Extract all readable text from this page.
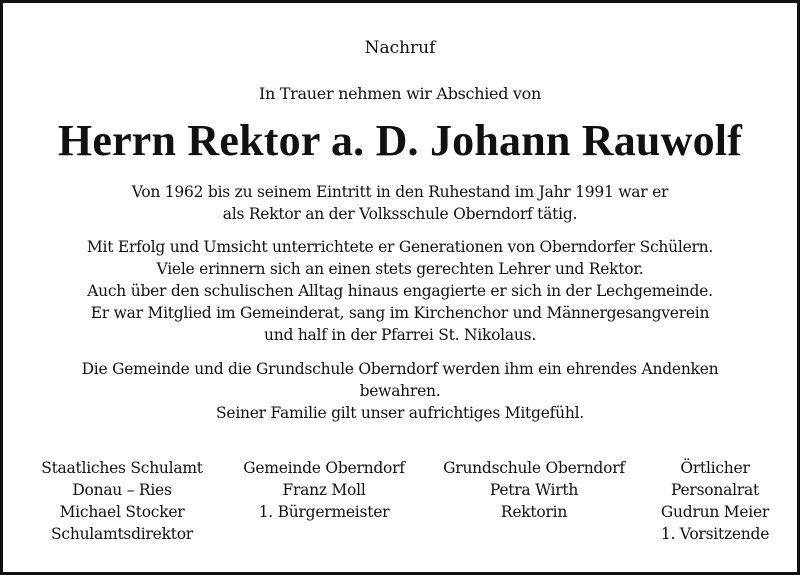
Nachruf
In Trauer nehmen wir Abschied von
Herrn Rektor a. D. Johann Rauwolf
Von 1962 bis zu seinem Eintritt in den Ruhestand im Jahr 1991 war er
als Rektor an der Volksschule Oberndorf tätig.
Mit Erfolg und Umsicht unterrichtete er Generationen von Oberndorfer Schülern.
Viele erinnern sich an einen stets gerechten Lehrer und Rektor.
Auch über den schulischen Alltag hinaus engagierte er sich in der Lechgemeinde.
Er war Mitglied im Gemeinderat, sang im Kirchenchor und Männergesangverein
und half in der Pfarrei St. Nikolaus.
Die Gemeinde und die Grundschule Oberndorf werden ihm ein ehrendes Andenken
bewahren.
Seiner Familie gilt unser aufrichtiges Mitgefühl.
Staatliches Schulamt
Donau – Ries
Michael Stocker
Schulamtsdirektor
Gemeinde Oberndorf
Franz Moll
1. Bürgermeister
Grundschule Oberndorf
Petra Wirth
Rektorin
Örtlicher
Personalrat
Gudrun Meier
1. Vorsitzende
